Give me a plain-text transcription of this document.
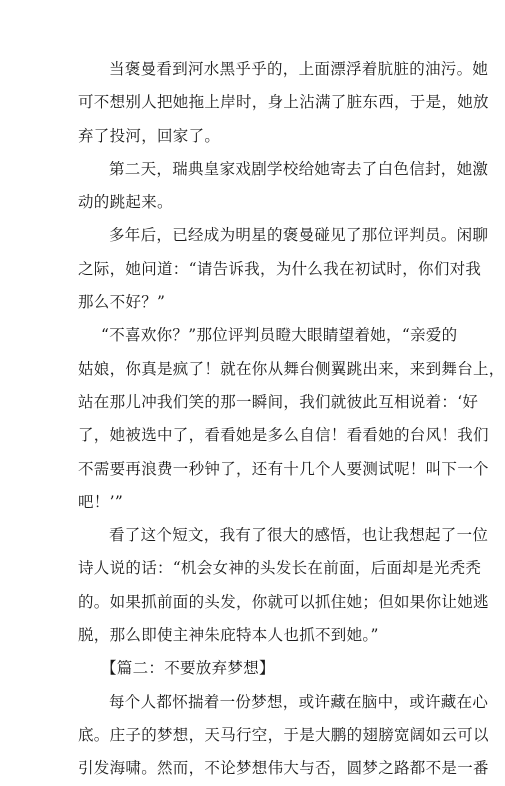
当褒曼看到河水黑乎乎的，上面漂浮着肮脏的油污。她
可不想别人把她拖上岸时，身上沾满了脏东西，于是，她放
弃了投河，回家了。
第二天，瑞典皇家戏剧学校给她寄去了白色信封，她激
动的跳起来。
多年后，已经成为明星的褒曼碰见了那位评判员。闲聊
之际，她问道：“请告诉我，为什么我在初试时，你们对我
那么不好？”
“不喜欢你？”那位评判员瞪大眼睛望着她，“亲爱的
姑娘，你真是疯了！就在你从舞台侧翼跳出来，来到舞台上，
站在那儿冲我们笑的那一瞬间，我们就彼此互相说着：‘好
了，她被选中了，看看她是多么自信！看看她的台风！我们
不需要再浪费一秒钟了，还有十几个人要测试呢！叫下一个
吧！’”
看了这个短文，我有了很大的感悟，也让我想起了一位
诗人说的话：“机会女神的头发长在前面，后面却是光秃秃
的。如果抓前面的头发，你就可以抓住她；但如果你让她逃
脱，那么即使主神朱庇特本人也抓不到她。”
【篇二：不要放弃梦想】
每个人都怀揣着一份梦想，或许藏在脑中，或许藏在心
底。庄子的梦想，天马行空，于是大鹏的翅膀宽阔如云可以
引发海啸。然而，不论梦想伟大与否，圆梦之路都不是一番
